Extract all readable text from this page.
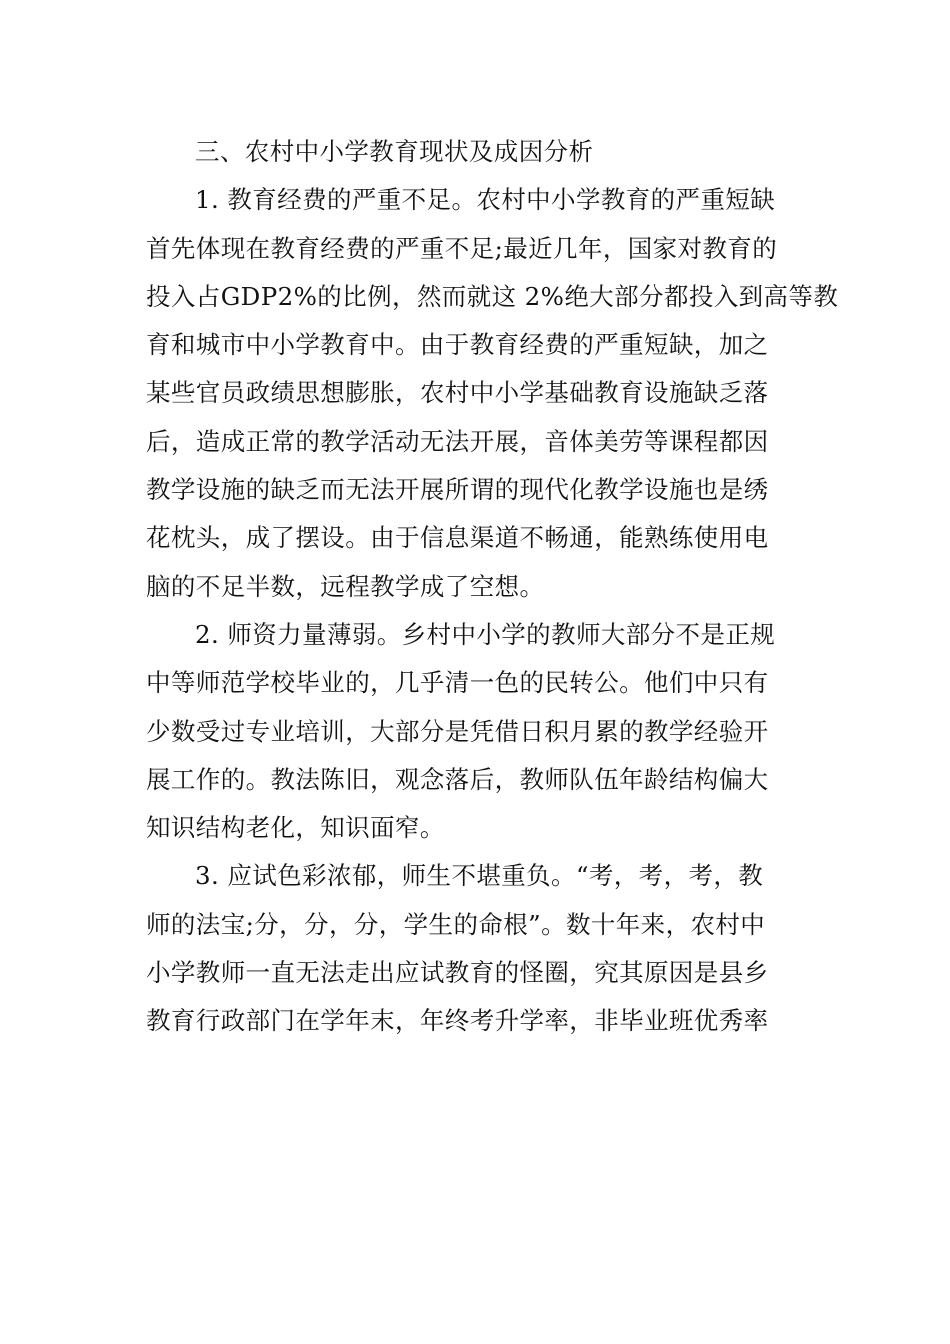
三、农村中小学教育现状及成因分析

1. 教育经费的严重不足。农村中小学教育的严重短缺
首先体现在教育经费的严重不足;最近几年，国家对教育的
投入占GDP2%的比例，然而就这 2%绝大部分都投入到高等教
育和城市中小学教育中。由于教育经费的严重短缺，加之
某些官员政绩思想膨胀，农村中小学基础教育设施缺乏落
后，造成正常的教学活动无法开展，音体美劳等课程都因
教学设施的缺乏而无法开展所谓的现代化教学设施也是绣
花枕头，成了摆设。由于信息渠道不畅通，能熟练使用电
脑的不足半数，远程教学成了空想。

2. 师资力量薄弱。乡村中小学的教师大部分不是正规
中等师范学校毕业的，几乎清一色的民转公。他们中只有
少数受过专业培训，大部分是凭借日积月累的教学经验开
展工作的。教法陈旧，观念落后，教师队伍年龄结构偏大
知识结构老化，知识面窄。

3. 应试色彩浓郁，师生不堪重负。“考，考，考，教
师的法宝;分，分，分，学生的命根”。数十年来，农村中
小学教师一直无法走出应试教育的怪圈，究其原因是县乡
教育行政部门在学年末，年终考升学率，非毕业班优秀率
